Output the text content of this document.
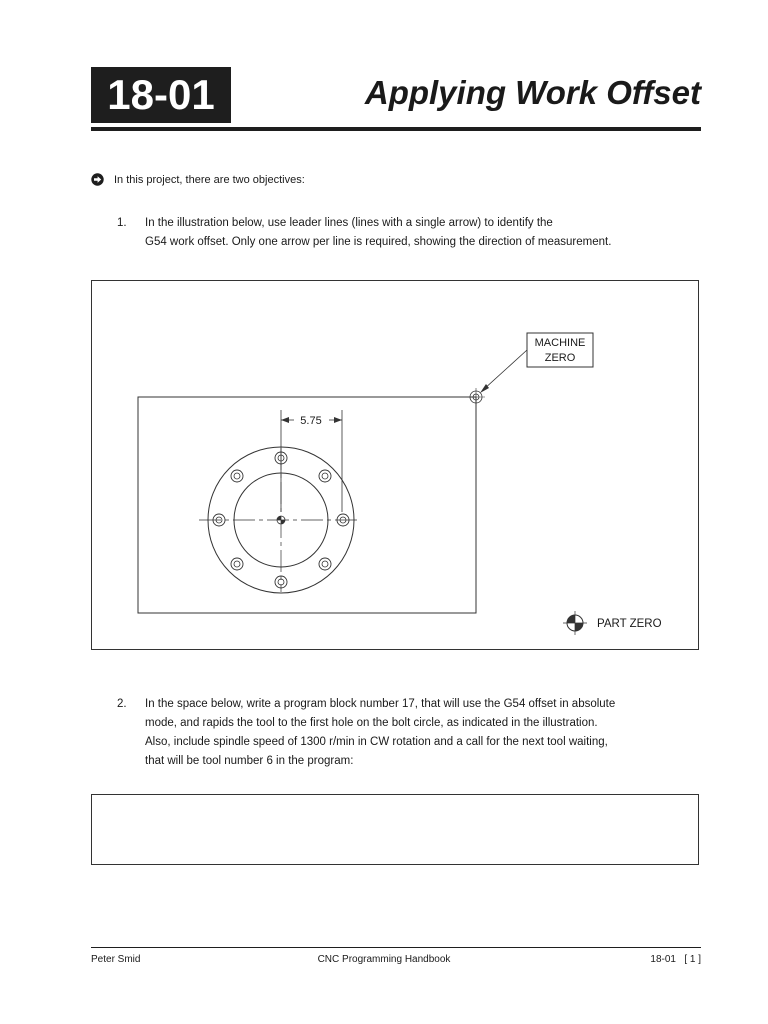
18-01	Applying Work Offset
In this project, there are two objectives:
1. In the illustration below, use leader lines (lines with a single arrow) to identify the
G54 work offset. Only one arrow per line is required, showing the direction of measurement.
MACHINE
ZERO
5.75
PART ZERO
2. In the space below, write a program block number 17, that will use the G54 offset in absolute
mode, and rapids the tool to the first hole on the bolt circle, as indicated in the illustration.
Also, include spindle speed of 1300 r/min in CW rotation and a call for the next tool waiting,
that will be tool number 6 in the program:
Peter Smid	CNC Programming Handbook	18-01   [ 1 ]
